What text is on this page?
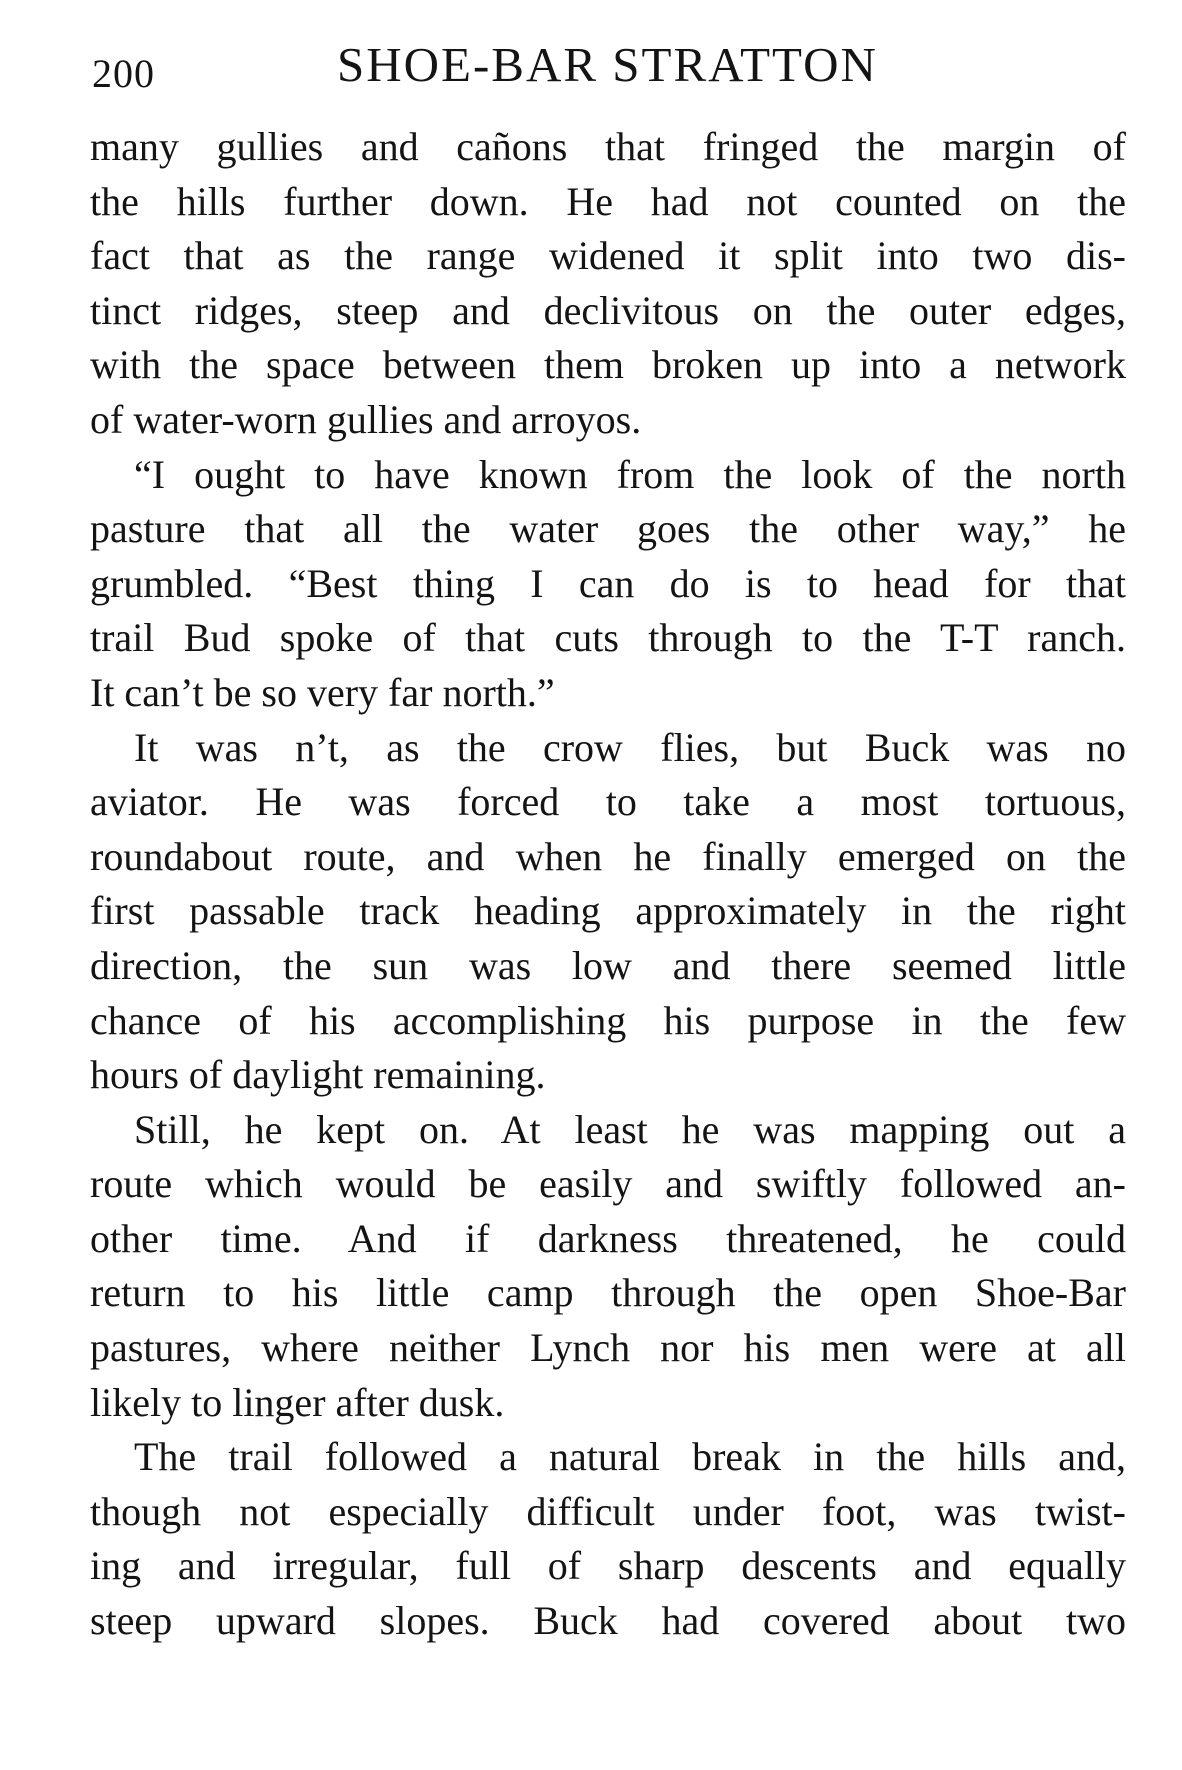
200	SHOE-BAR STRATTON
many gullies and cañons that fringed the margin of
the hills further down. He had not counted on the
fact that as the range widened it split into two dis-
tinct ridges, steep and declivitous on the outer edges,
with the space between them broken up into a network
of water-worn gullies and arroyos.
“I ought to have known from the look of the north
pasture that all the water goes the other way,” he
grumbled. “Best thing I can do is to head for that
trail Bud spoke of that cuts through to the T-T ranch.
It can’t be so very far north.”
It was n’t, as the crow flies, but Buck was no
aviator. He was forced to take a most tortuous,
roundabout route, and when he finally emerged on the
first passable track heading approximately in the right
direction, the sun was low and there seemed little
chance of his accomplishing his purpose in the few
hours of daylight remaining.
Still, he kept on. At least he was mapping out a
route which would be easily and swiftly followed an-
other time. And if darkness threatened, he could
return to his little camp through the open Shoe-Bar
pastures, where neither Lynch nor his men were at all
likely to linger after dusk.
The trail followed a natural break in the hills and,
though not especially difficult under foot, was twist-
ing and irregular, full of sharp descents and equally
steep upward slopes. Buck had covered about two
